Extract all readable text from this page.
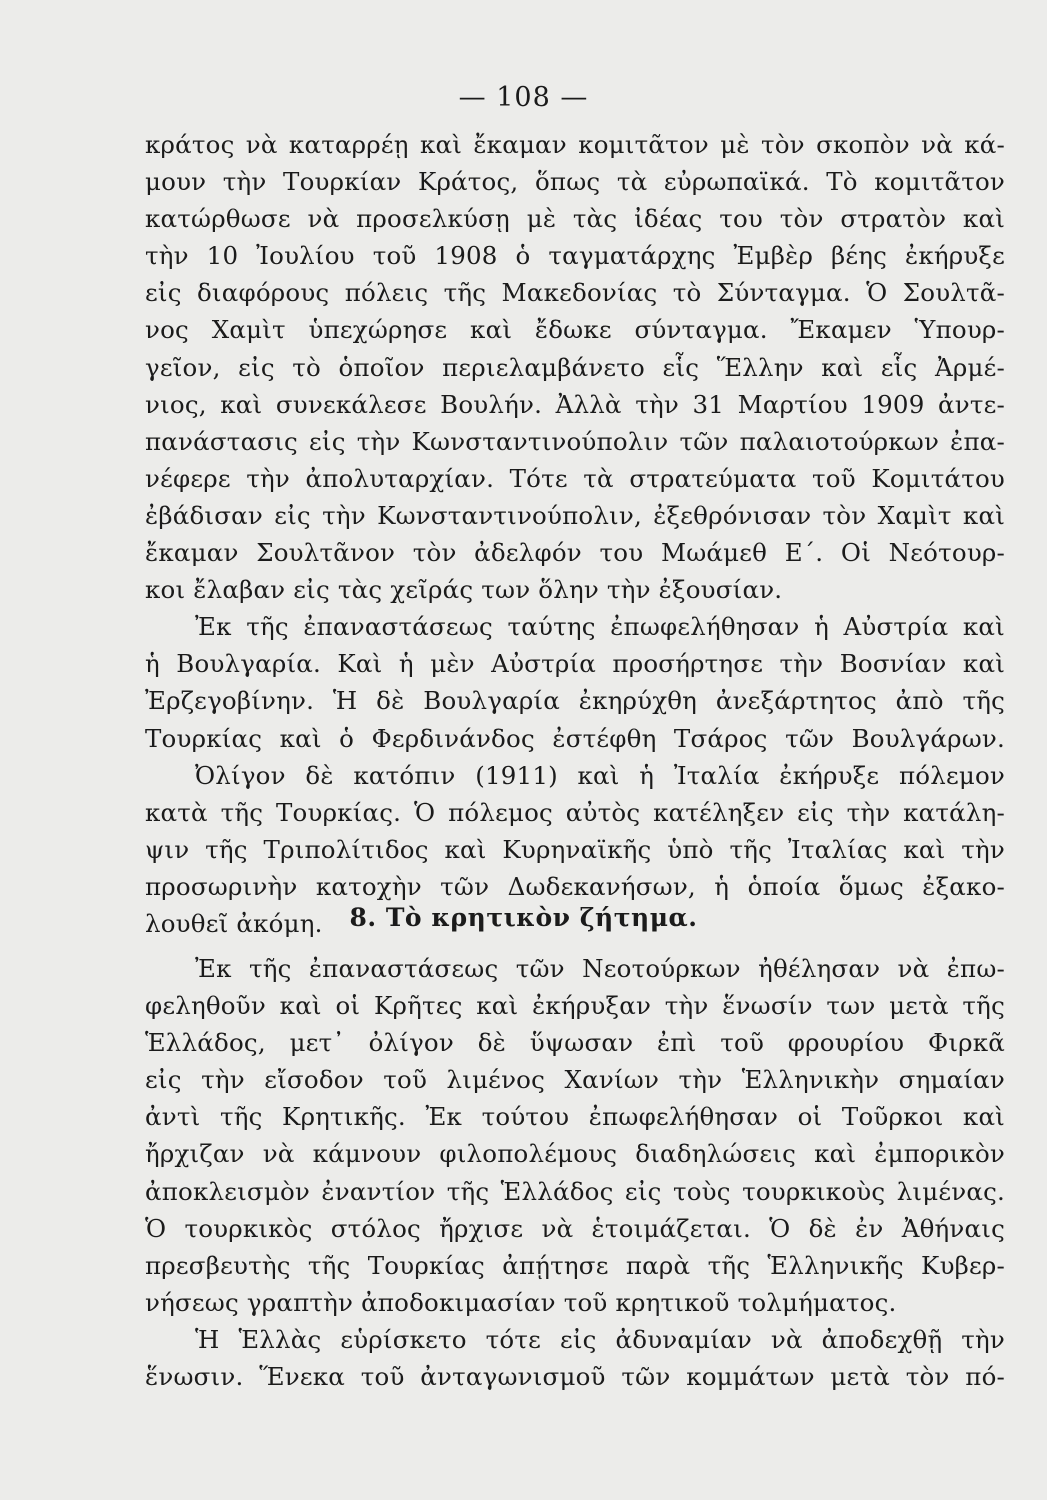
— 108 —
κράτος νὰ καταρρέῃ καὶ ἔκαμαν κομιτᾶτον μὲ τὸν σκοπὸν νὰ κά-
μουν τὴν Τουρκίαν Κράτος, ὅπως τὰ εὐρωπαϊκά. Τὸ κομιτᾶτον
κατώρθωσε νὰ προσελκύσῃ μὲ τὰς ἰδέας του τὸν στρατὸν καὶ
τὴν 10 Ἰουλίου τοῦ 1908 ὁ ταγματάρχης Ἐμβὲρ βέης ἐκήρυξε
εἰς διαφόρους πόλεις τῆς Μακεδονίας τὸ Σύνταγμα. Ὁ Σουλτᾶ-
νος Χαμὶτ ὑπεχώρησε καὶ ἔδωκε σύνταγμα. Ἔκαμεν Ὑπουρ-
γεῖον, εἰς τὸ ὁποῖον περιελαμβάνετο εἷς Ἕλλην καὶ εἷς Ἀρμέ-
νιος, καὶ συνεκάλεσε Βουλήν. Ἀλλὰ τὴν 31 Μαρτίου 1909 ἀντε-
πανάστασις εἰς τὴν Κωνσταντινούπολιν τῶν παλαιοτούρκων ἐπα-
νέφερε τὴν ἀπολυταρχίαν. Τότε τὰ στρατεύματα τοῦ Κομιτάτου
ἐβάδισαν εἰς τὴν Κωνσταντινούπολιν, ἐξεθρόνισαν τὸν Χαμὶτ καὶ
ἔκαμαν Σουλτᾶνον τὸν ἀδελφόν του Μωάμεθ Ε΄. Οἱ Νεότουρ-
κοι ἔλαβαν εἰς τὰς χεῖράς των ὅλην τὴν ἐξουσίαν.
Ἐκ τῆς ἐπαναστάσεως ταύτης ἐπωφελήθησαν ἡ Αὐστρία καὶ
ἡ Βουλγαρία. Καὶ ἡ μὲν Αὐστρία προσήρτησε τὴν Βοσνίαν καὶ
Ἐρζεγοβίνην. Ἡ δὲ Βουλγαρία ἐκηρύχθη ἀνεξάρτητος ἀπὸ τῆς
Τουρκίας καὶ ὁ Φερδινάνδος ἐστέφθη Τσάρος τῶν Βουλγάρων.
Ὀλίγον δὲ κατόπιν (1911) καὶ ἡ Ἰταλία ἐκήρυξε πόλεμον
κατὰ τῆς Τουρκίας. Ὁ πόλεμος αὐτὸς κατέληξεν εἰς τὴν κατάλη-
ψιν τῆς Τριπολίτιδος καὶ Κυρηναϊκῆς ὑπὸ τῆς Ἰταλίας καὶ τὴν
προσωρινὴν κατοχὴν τῶν Δωδεκανήσων, ἡ ὁποία ὅμως ἐξακο-
λουθεῖ ἀκόμη.	8. Τὸ κρητικὸν ζήτημα.
Ἐκ τῆς ἐπαναστάσεως τῶν Νεοτούρκων ἠθέλησαν νὰ ἐπω-
φεληθοῦν καὶ οἱ Κρῆτες καὶ ἐκήρυξαν τὴν ἕνωσίν των μετὰ τῆς
Ἑλλάδος, μετ᾽ ὀλίγον δὲ ὕψωσαν ἐπὶ τοῦ φρουρίου Φιρκᾶ
εἰς τὴν εἴσοδον τοῦ λιμένος Χανίων τὴν Ἑλληνικὴν σημαίαν
ἀντὶ τῆς Κρητικῆς. Ἐκ τούτου ἐπωφελήθησαν οἱ Τοῦρκοι καὶ
ἤρχιζαν νὰ κάμνουν φιλοπολέμους διαδηλώσεις καὶ ἐμπορικὸν
ἀποκλεισμὸν ἐναντίον τῆς Ἑλλάδος εἰς τοὺς τουρκικοὺς λιμένας.
Ὁ τουρκικὸς στόλος ἤρχισε νὰ ἑτοιμάζεται. Ὁ δὲ ἐν Ἀθήναις
πρεσβευτὴς τῆς Τουρκίας ἀπῄτησε παρὰ τῆς Ἑλληνικῆς Κυβερ-
νήσεως γραπτὴν ἀποδοκιμασίαν τοῦ κρητικοῦ τολμήματος.
Ἡ Ἑλλὰς εὑρίσκετο τότε εἰς ἀδυναμίαν νὰ ἀποδεχθῇ τὴν
ἕνωσιν. Ἕνεκα τοῦ ἀνταγωνισμοῦ τῶν κομμάτων μετὰ τὸν πό-
